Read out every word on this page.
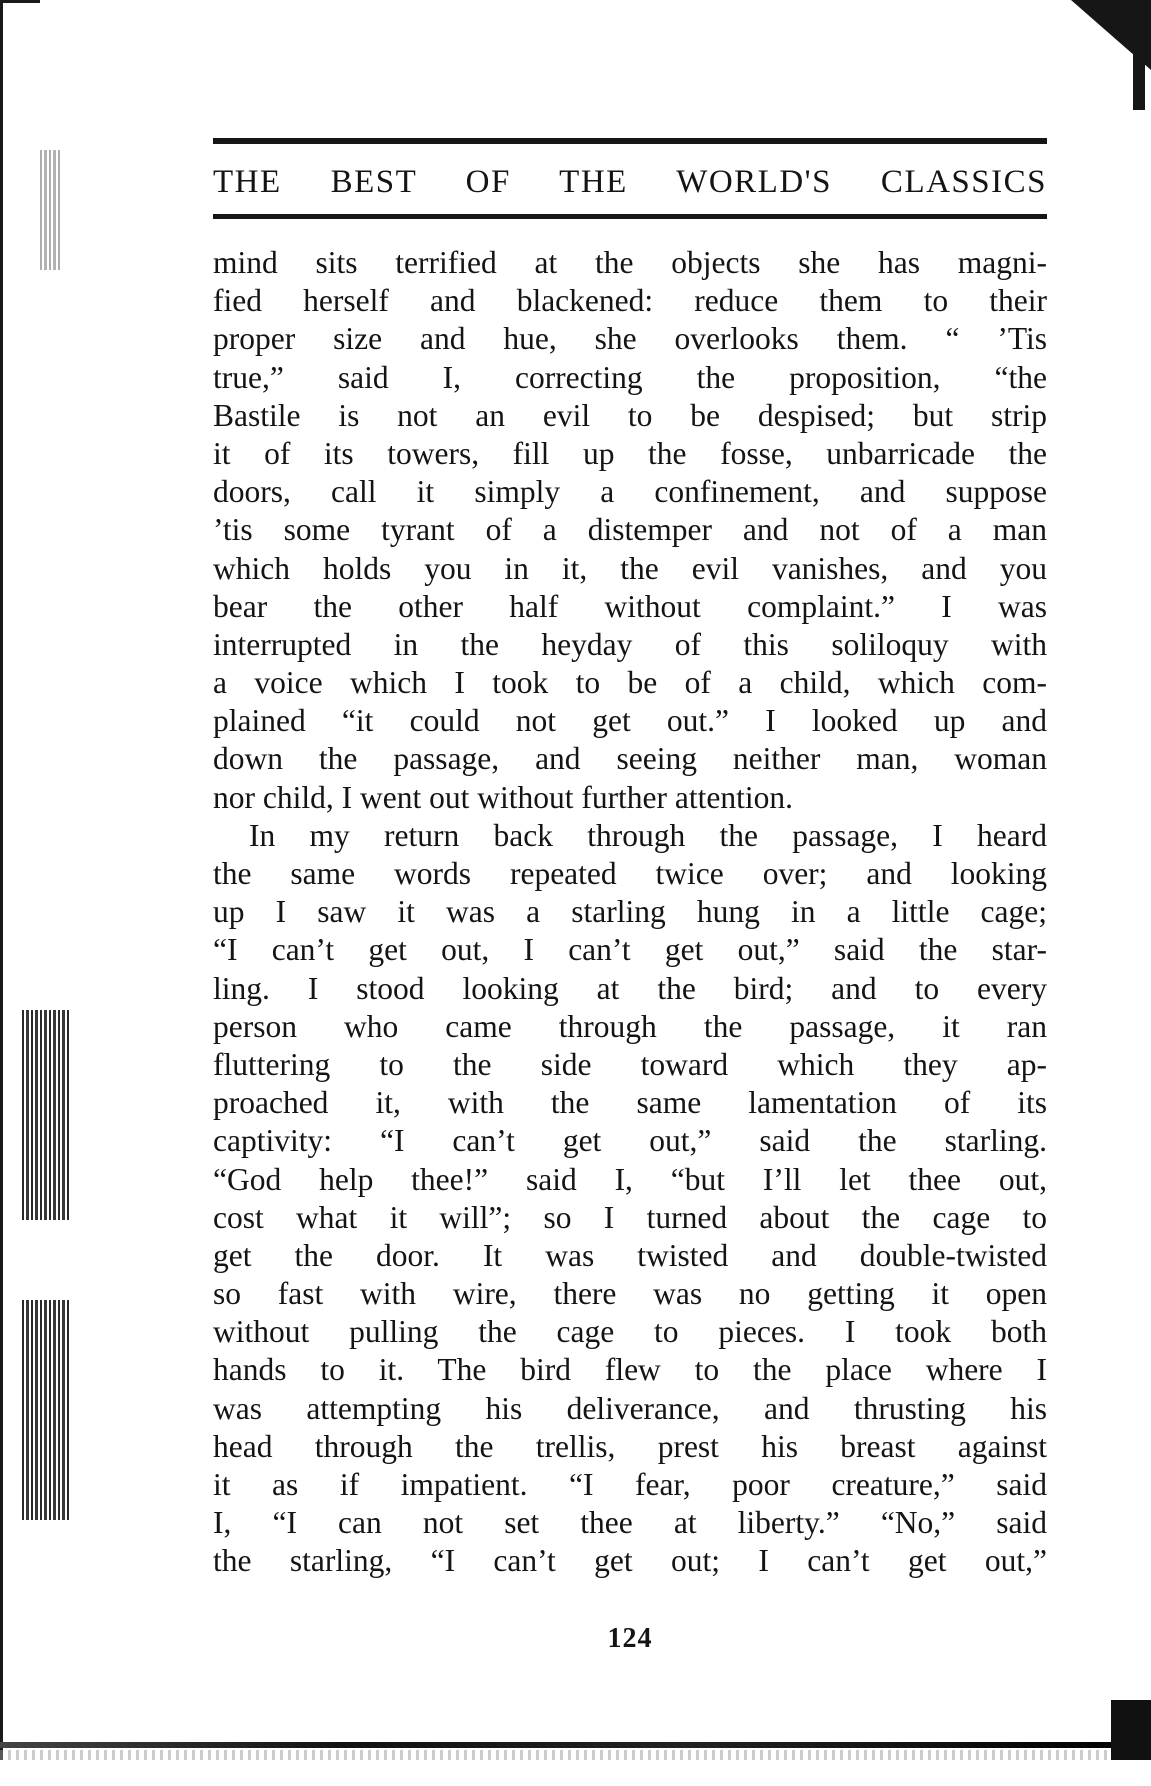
THE BEST OF THE WORLD'S CLASSICS
mind sits terrified at the objects she has magni-
fied herself and blackened: reduce them to their
proper size and hue, she overlooks them. “ ’Tis
true,” said I, correcting the proposition, “the
Bastile is not an evil to be despised; but strip
it of its towers, fill up the fosse, unbarricade the
doors, call it simply a confinement, and suppose
’tis some tyrant of a distemper and not of a man
which holds you in it, the evil vanishes, and you
bear the other half without complaint.” I was
interrupted in the heyday of this soliloquy with
a voice which I took to be of a child, which com-
plained “it could not get out.” I looked up and
down the passage, and seeing neither man, woman
nor child, I went out without further attention.
In my return back through the passage, I heard
the same words repeated twice over; and looking
up I saw it was a starling hung in a little cage;
“I can’t get out, I can’t get out,” said the star-
ling. I stood looking at the bird; and to every
person who came through the passage, it ran
fluttering to the side toward which they ap-
proached it, with the same lamentation of its
captivity: “I can’t get out,” said the starling.
“God help thee!” said I, “but I’ll let thee out,
cost what it will”; so I turned about the cage to
get the door. It was twisted and double-twisted
so fast with wire, there was no getting it open
without pulling the cage to pieces. I took both
hands to it. The bird flew to the place where I
was attempting his deliverance, and thrusting his
head through the trellis, prest his breast against
it as if impatient. “I fear, poor creature,” said
I, “I can not set thee at liberty.” “No,” said
the starling, “I can’t get out; I can’t get out,”
124
